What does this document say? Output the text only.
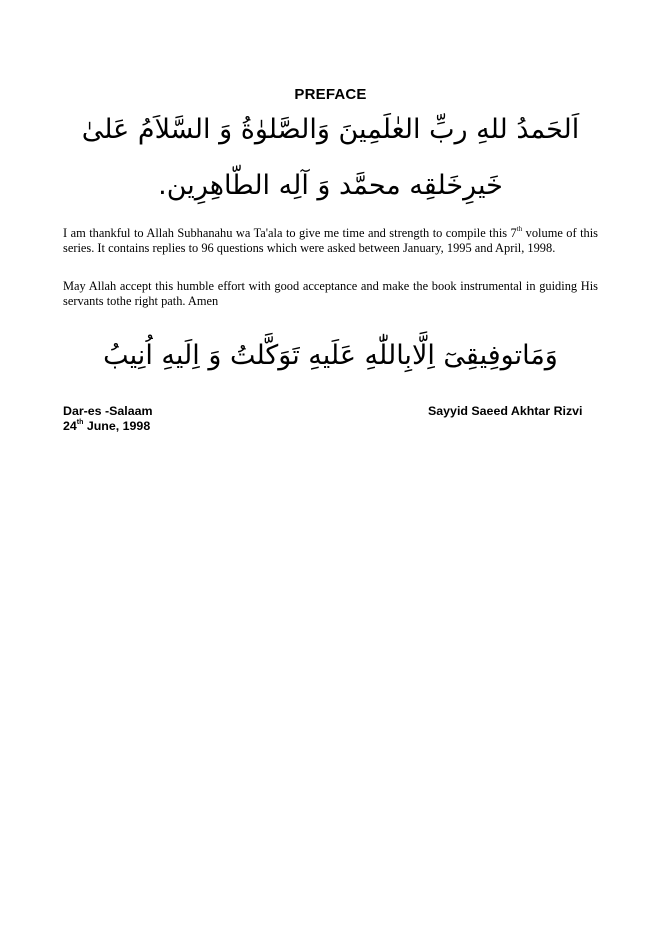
PREFACE
اَلحَمدُ للهِ ربِّ العٰلَمِينَ وَالصَّلوٰةُ وَ السَّلاَمُ عَلىٰ
خَيرِخَلقِه محمَّد وَ آلِه الطّاهِرِين.

I am thankful to Allah Subhanahu wa Ta'ala to give me time and strength to compile this 7th volume of this series. It contains replies to 96 questions which were asked between January, 1995 and April, 1998.

May Allah accept this humble effort with good acceptance and make the book instrumental in guiding His servants tothe right path. Amen

وَمَاتوفِيقِىٓ اِلَّابِاللّٰهِ عَلَيهِ تَوَكَّلتُ وَ اِلَيهِ اُنِيبُ
Dar-es -Salaam
24th June, 1998
Sayyid Saeed Akhtar Rizvi
